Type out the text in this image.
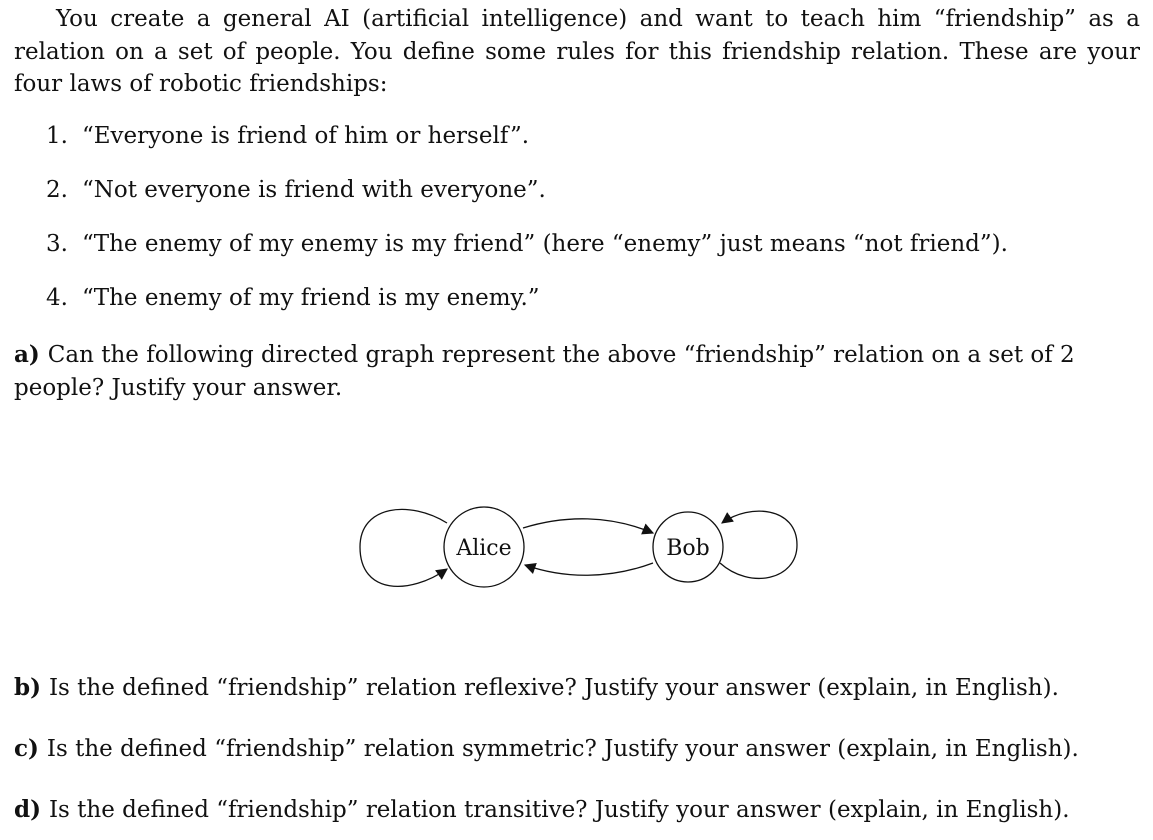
You create a general AI (artificial intelligence) and want to teach him “friendship” as a relation on a set of people. You define some rules for this friendship relation. These are your four laws of robotic friendships:

1. “Everyone is friend of him or herself”.
2. “Not everyone is friend with everyone”.
3. “The enemy of my enemy is my friend” (here “enemy” just means “not friend”).
4. “The enemy of my friend is my enemy.”

a) Can the following directed graph represent the above “friendship” relation on a set of 2 people? Justify your answer.

Alice	Bob

b) Is the defined “friendship” relation reflexive? Justify your answer (explain, in English).

c) Is the defined “friendship” relation symmetric? Justify your answer (explain, in English).

d) Is the defined “friendship” relation transitive? Justify your answer (explain, in English).
